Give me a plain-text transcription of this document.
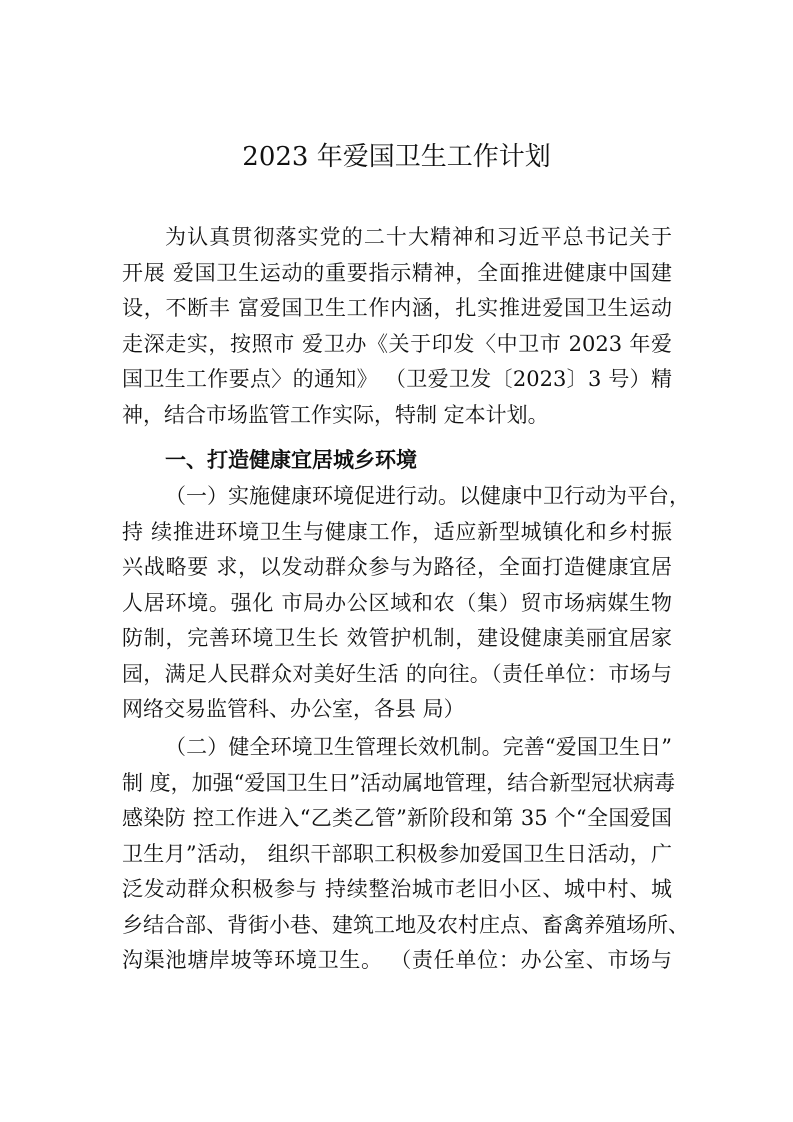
2023 年爱国卫生工作计划
为认真贯彻落实党的二十大精神和习近平总书记关于
开展 爱国卫生运动的重要指示精神，全面推进健康中国建
设，不断丰 富爱国卫生工作内涵，扎实推进爱国卫生运动
走深走实，按照市 爱卫办《关于印发〈中卫市 2023 年爱
国卫生工作要点〉的通知》 （卫爱卫发〔2023〕3 号）精
神，结合市场监管工作实际，特制 定本计划。
一、打造健康宜居城乡环境
（一）实施健康环境促进行动。以健康中卫行动为平台，
持 续推进环境卫生与健康工作，适应新型城镇化和乡村振
兴战略要 求，以发动群众参与为路径，全面打造健康宜居
人居环境。强化 市局办公区域和农（集）贸市场病媒生物
防制，完善环境卫生长 效管护机制，建设健康美丽宜居家
园，满足人民群众对美好生活 的向往。（责任单位：市场与
网络交易监管科、办公室，各县 局）
（二）健全环境卫生管理长效机制。完善“爱国卫生日”
制 度，加强“爱国卫生日”活动属地管理，结合新型冠状病毒
感染防 控工作进入“乙类乙管”新阶段和第 35 个“全国爱国
卫生月”活动， 组织干部职工积极参加爱国卫生日活动，广
泛发动群众积极参与 持续整治城市老旧小区、城中村、城
乡结合部、背街小巷、建筑工地及农村庄点、畜禽养殖场所、
沟渠池塘岸坡等环境卫生。 （责任单位：办公室、市场与
